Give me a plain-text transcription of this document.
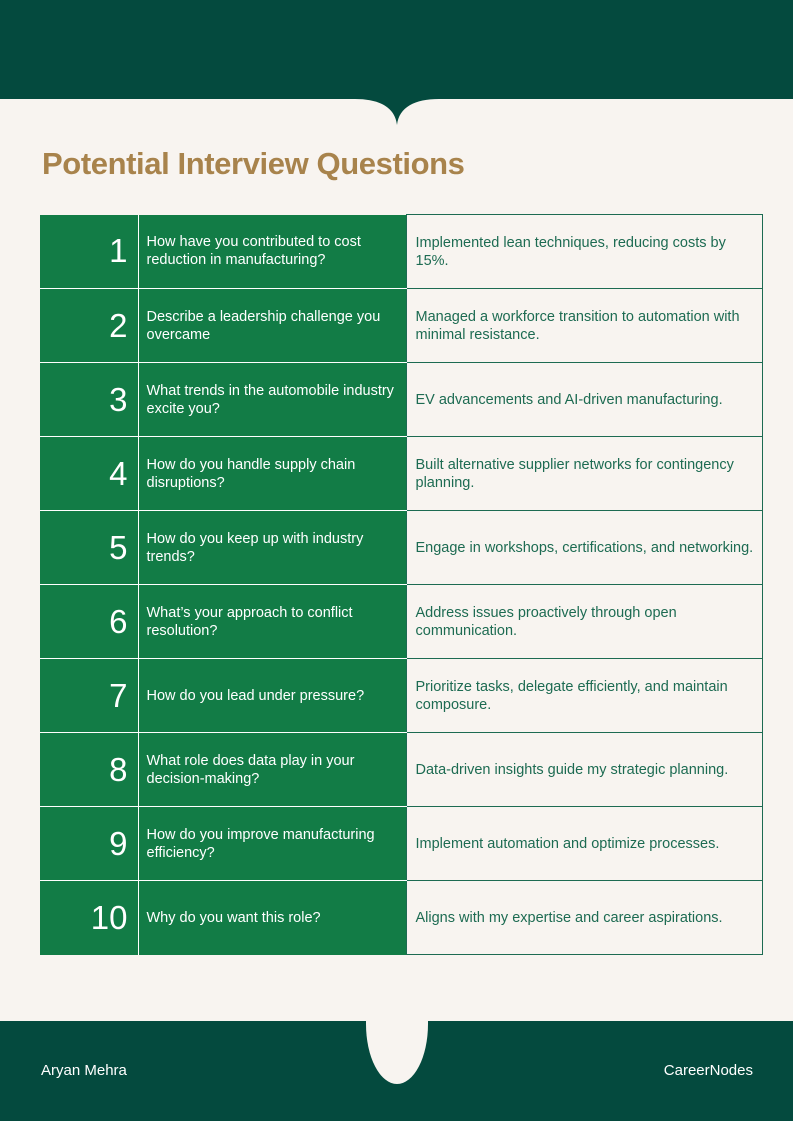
Potential Interview Questions
1	How have you contributed to cost reduction in manufacturing?	Implemented lean techniques, reducing costs by 15%.
2	Describe a leadership challenge you overcame	Managed a workforce transition to automation with minimal resistance.
3	What trends in the automobile industry excite you?	EV advancements and AI-driven manufacturing.
4	How do you handle supply chain disruptions?	Built alternative supplier networks for contingency planning.
5	How do you keep up with industry trends?	Engage in workshops, certifications, and networking.
6	What’s your approach to conflict resolution?	Address issues proactively through open communication.
7	How do you lead under pressure?	Prioritize tasks, delegate efficiently, and maintain composure.
8	What role does data play in your decision-making?	Data-driven insights guide my strategic planning.
9	How do you improve manufacturing efficiency?	Implement automation and optimize processes.
10	Why do you want this role?	Aligns with my expertise and career aspirations.
Aryan Mehra	CareerNodes
